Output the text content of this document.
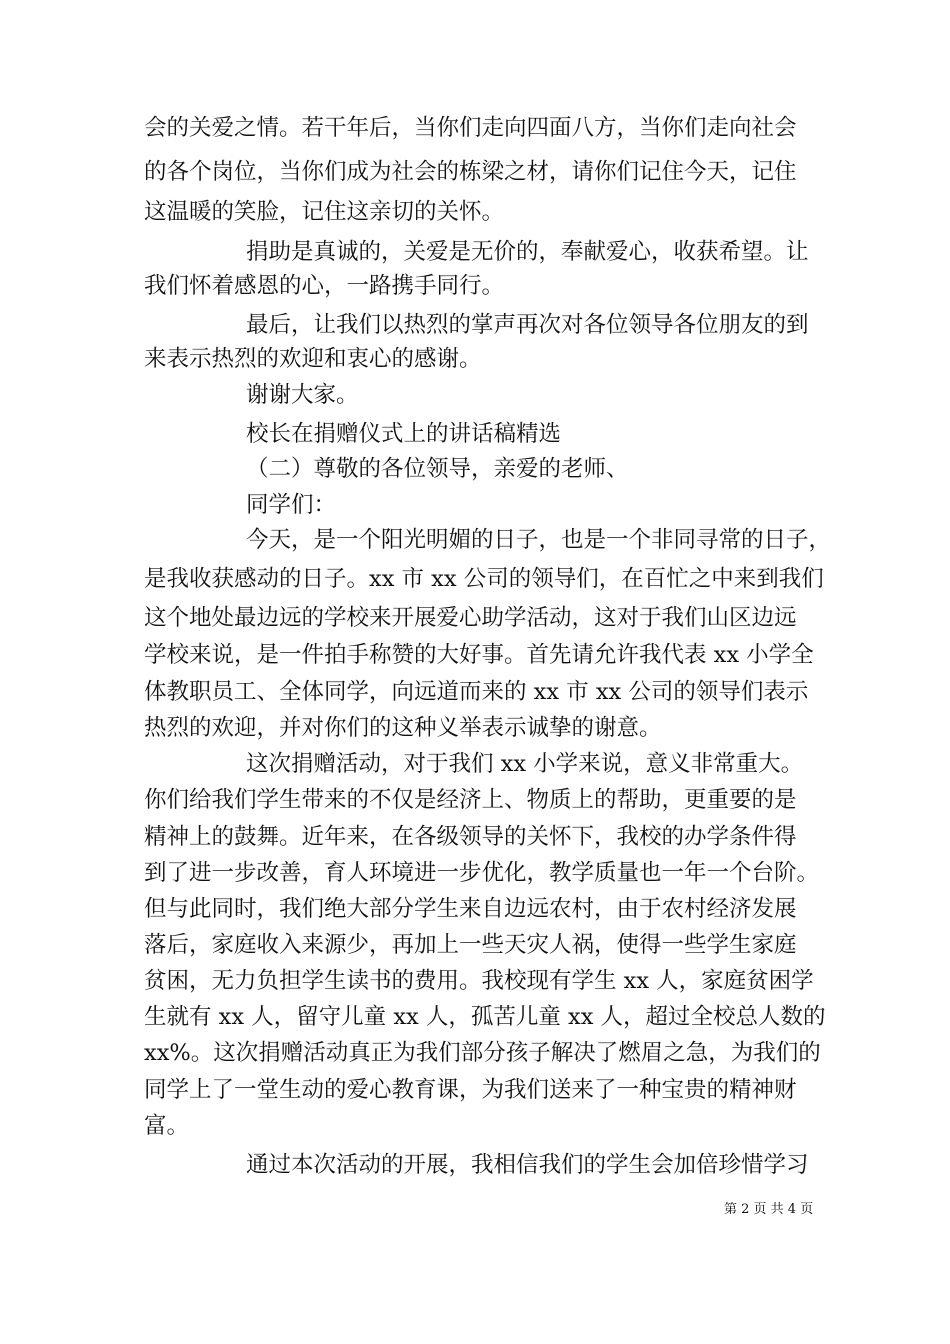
会的关爱之情。若干年后，当你们走向四面八方，当你们走向社会
的各个岗位，当你们成为社会的栋梁之材，请你们记住今天，记住
这温暖的笑脸，记住这亲切的关怀。
捐助是真诚的，关爱是无价的，奉献爱心，收获希望。让
我们怀着感恩的心，一路携手同行。
最后，让我们以热烈的掌声再次对各位领导各位朋友的到
来表示热烈的欢迎和衷心的感谢。
谢谢大家。
校长在捐赠仪式上的讲话稿精选
（二）尊敬的各位领导，亲爱的老师、
同学们：
今天，是一个阳光明媚的日子，也是一个非同寻常的日子，
是我收获感动的日子。xx 市 xx 公司的领导们，在百忙之中来到我们
这个地处最边远的学校来开展爱心助学活动，这对于我们山区边远
学校来说，是一件拍手称赞的大好事。首先请允许我代表 xx 小学全
体教职员工、全体同学，向远道而来的 xx 市 xx 公司的领导们表示
热烈的欢迎，并对你们的这种义举表示诚挚的谢意。
这次捐赠活动，对于我们 xx 小学来说，意义非常重大。
你们给我们学生带来的不仅是经济上、物质上的帮助，更重要的是
精神上的鼓舞。近年来，在各级领导的关怀下，我校的办学条件得
到了进一步改善，育人环境进一步优化，教学质量也一年一个台阶。
但与此同时，我们绝大部分学生来自边远农村，由于农村经济发展
落后，家庭收入来源少，再加上一些天灾人祸，使得一些学生家庭
贫困，无力负担学生读书的费用。我校现有学生 xx 人，家庭贫困学
生就有 xx 人，留守儿童 xx 人，孤苦儿童 xx 人，超过全校总人数的
xx%。这次捐赠活动真正为我们部分孩子解决了燃眉之急，为我们的
同学上了一堂生动的爱心教育课，为我们送来了一种宝贵的精神财
富。
通过本次活动的开展，我相信我们的学生会加倍珍惜学习
第 2 页 共 4 页
